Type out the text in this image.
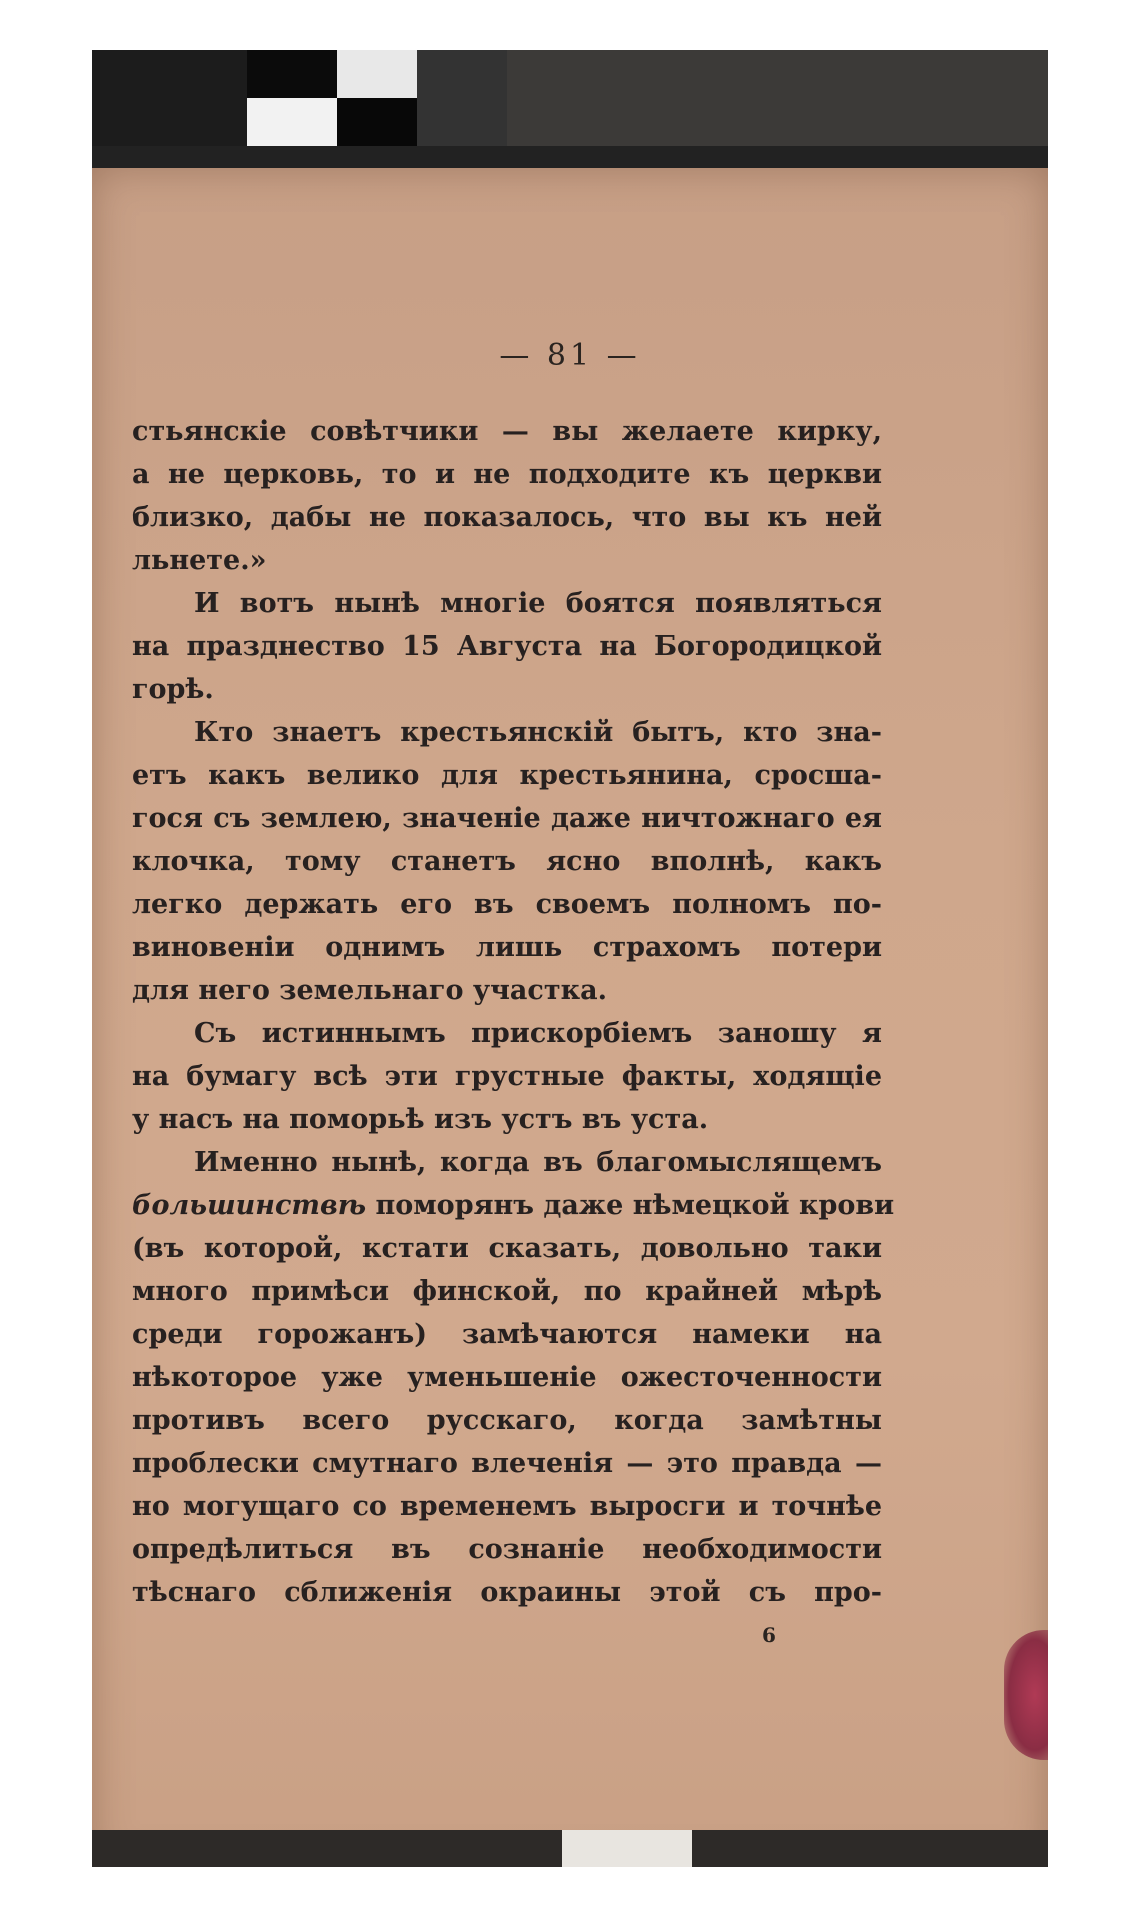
— 81 —
стьянскіе совѣтчики — вы желаете кирку,
а не церковь, то и не подходите къ церкви
близко, дабы не показалось, что вы къ ней
льнете.»
И вотъ нынѣ многіе боятся появляться
на празднество 15 Августа на Богородицкой
горѣ.
Кто знаетъ крестьянскій бытъ, кто зна-
етъ какъ велико для крестьянина, сросша-
гося съ землею, значеніе даже ничтожнаго ея
клочка, тому станетъ ясно вполнѣ, какъ
легко держать его въ своемъ полномъ по-
виновеніи однимъ лишь страхомъ потери
для него земельнаго участка.
Съ истиннымъ прискорбіемъ заношу я
на бумагу всѣ эти грустные факты, ходящіе
у насъ на поморьѣ изъ устъ въ уста.
Именно нынѣ, когда въ благомыслящемъ
большинствѣ поморянъ даже нѣмецкой крови
(въ которой, кстати сказать, довольно таки
много примѣси финской, по крайней мѣрѣ
среди горожанъ) замѣчаются намеки на
нѣкоторое уже уменьшеніе ожесточенности
противъ всего русскаго, когда замѣтны
проблески смутнаго влеченія — это правда —
но могущаго со временемъ выросги и точнѣе
опредѣлиться въ сознаніе необходимости
тѣснаго сближенія окраины этой съ про-
6
